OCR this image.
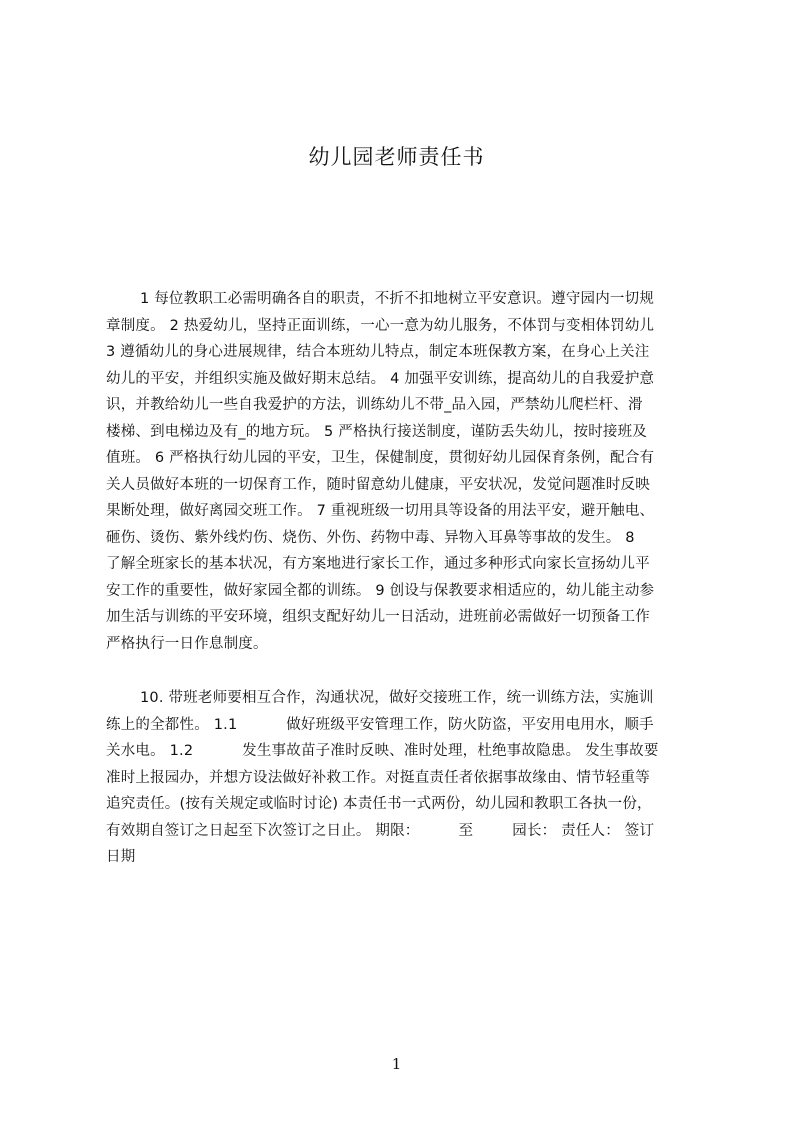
幼儿园老师责任书
1 每位教职工必需明确各自的职责，不折不扣地树立平安意识。遵守园内一切规
章制度。 2 热爱幼儿，坚持正面训练，一心一意为幼儿服务，不体罚与变相体罚幼儿
3 遵循幼儿的身心进展规律，结合本班幼儿特点，制定本班保教方案，在身心上关注
幼儿的平安，并组织实施及做好期末总结。 4 加强平安训练，提高幼儿的自我爱护意
识，并教给幼儿一些自我爱护的方法，训练幼儿不带_品入园，严禁幼儿爬栏杆、滑
楼梯、到电梯边及有_的地方玩。 5 严格执行接送制度，谨防丢失幼儿，按时接班及
值班。 6 严格执行幼儿园的平安，卫生，保健制度，贯彻好幼儿园保育条例，配合有
关人员做好本班的一切保育工作，随时留意幼儿健康，平安状况，发觉问题准时反映
果断处理，做好离园交班工作。 7 重视班级一切用具等设备的用法平安，避开触电、
砸伤、烫伤、紫外线灼伤、烧伤、外伤、药物中毒、异物入耳鼻等事故的发生。 8
了解全班家长的基本状况，有方案地进行家长工作，通过多种形式向家长宣扬幼儿平
安工作的重要性，做好家园全都的训练。 9 创设与保教要求相适应的，幼儿能主动参
加生活与训练的平安环境，组织支配好幼儿一日活动，进班前必需做好一切预备工作
严格执行一日作息制度。
10. 带班老师要相互合作，沟通状况，做好交接班工作，统一训练方法，实施训
练上的全都性。 1.1 　　　做好班级平安管理工作，防火防盗，平安用电用水，顺手
关水电。 1.2 　　　发生事故苗子准时反映、准时处理，杜绝事故隐患。 发生事故要
准时上报园办，并想方设法做好补救工作。对挺直责任者依据事故缘由、情节轻重等
追究责任。(按有关规定或临时讨论) 本责任书一式两份，幼儿园和教职工各执一份，
有效期自签订之日起至下次签订之日止。 期限： 　　 至 　　 园长： 责任人： 签订
日期
1
